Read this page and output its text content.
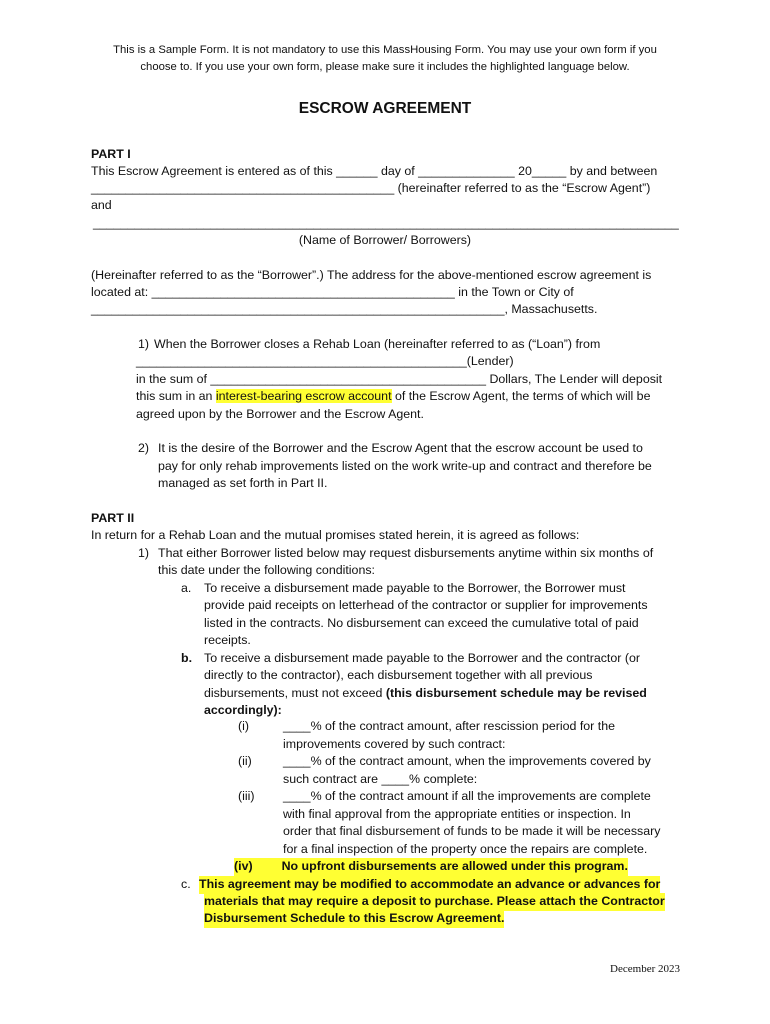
This is a Sample Form. It is not mandatory to use this MassHousing Form. You may use your own form if you
choose to. If you use your own form, please make sure it includes the highlighted language below.
ESCROW AGREEMENT
PART I
This Escrow Agreement is entered as of this ______ day of ______________ 20_____ by and between
____________________________________________ (hereinafter referred to as the “Escrow Agent”)
and
_____________________________________________________________________________________
(Name of Borrower/ Borrowers)
(Hereinafter referred to as the “Borrower”.) The address for the above-mentioned escrow agreement is
located at: ____________________________________________ in the Town or City of
____________________________________________________________, Massachusetts.
1) When the Borrower closes a Rehab Loan (hereinafter referred to as (“Loan”) from
________________________________________________(Lender)
in the sum of ________________________________________ Dollars, The Lender will deposit
this sum in an interest-bearing escrow account of the Escrow Agent, the terms of which will be
agreed upon by the Borrower and the Escrow Agent.
2) It is the desire of the Borrower and the Escrow Agent that the escrow account be used to
pay for only rehab improvements listed on the work write-up and contract and therefore be
managed as set forth in Part II.
PART II
In return for a Rehab Loan and the mutual promises stated herein, it is agreed as follows:
1) That either Borrower listed below may request disbursements anytime within six months of
this date under the following conditions:
a. To receive a disbursement made payable to the Borrower, the Borrower must
provide paid receipts on letterhead of the contractor or supplier for improvements
listed in the contracts. No disbursement can exceed the cumulative total of paid
receipts.
b. To receive a disbursement made payable to the Borrower and the contractor (or
directly to the contractor), each disbursement together with all previous
disbursements, must not exceed (this disbursement schedule may be revised
accordingly):
(i)	____% of the contract amount, after rescission period for the
improvements covered by such contract:
(ii)	____% of the contract amount, when the improvements covered by
such contract are ____% complete:
(iii) ____% of the contract amount if all the improvements are complete
with final approval from the appropriate entities or inspection. In
order that final disbursement of funds to be made it will be necessary
for a final inspection of the property once the repairs are complete.
(iv) No upfront disbursements are allowed under this program.
c. This agreement may be modified to accommodate an advance or advances for
materials that may require a deposit to purchase. Please attach the Contractor
Disbursement Schedule to this Escrow Agreement.
December 2023
